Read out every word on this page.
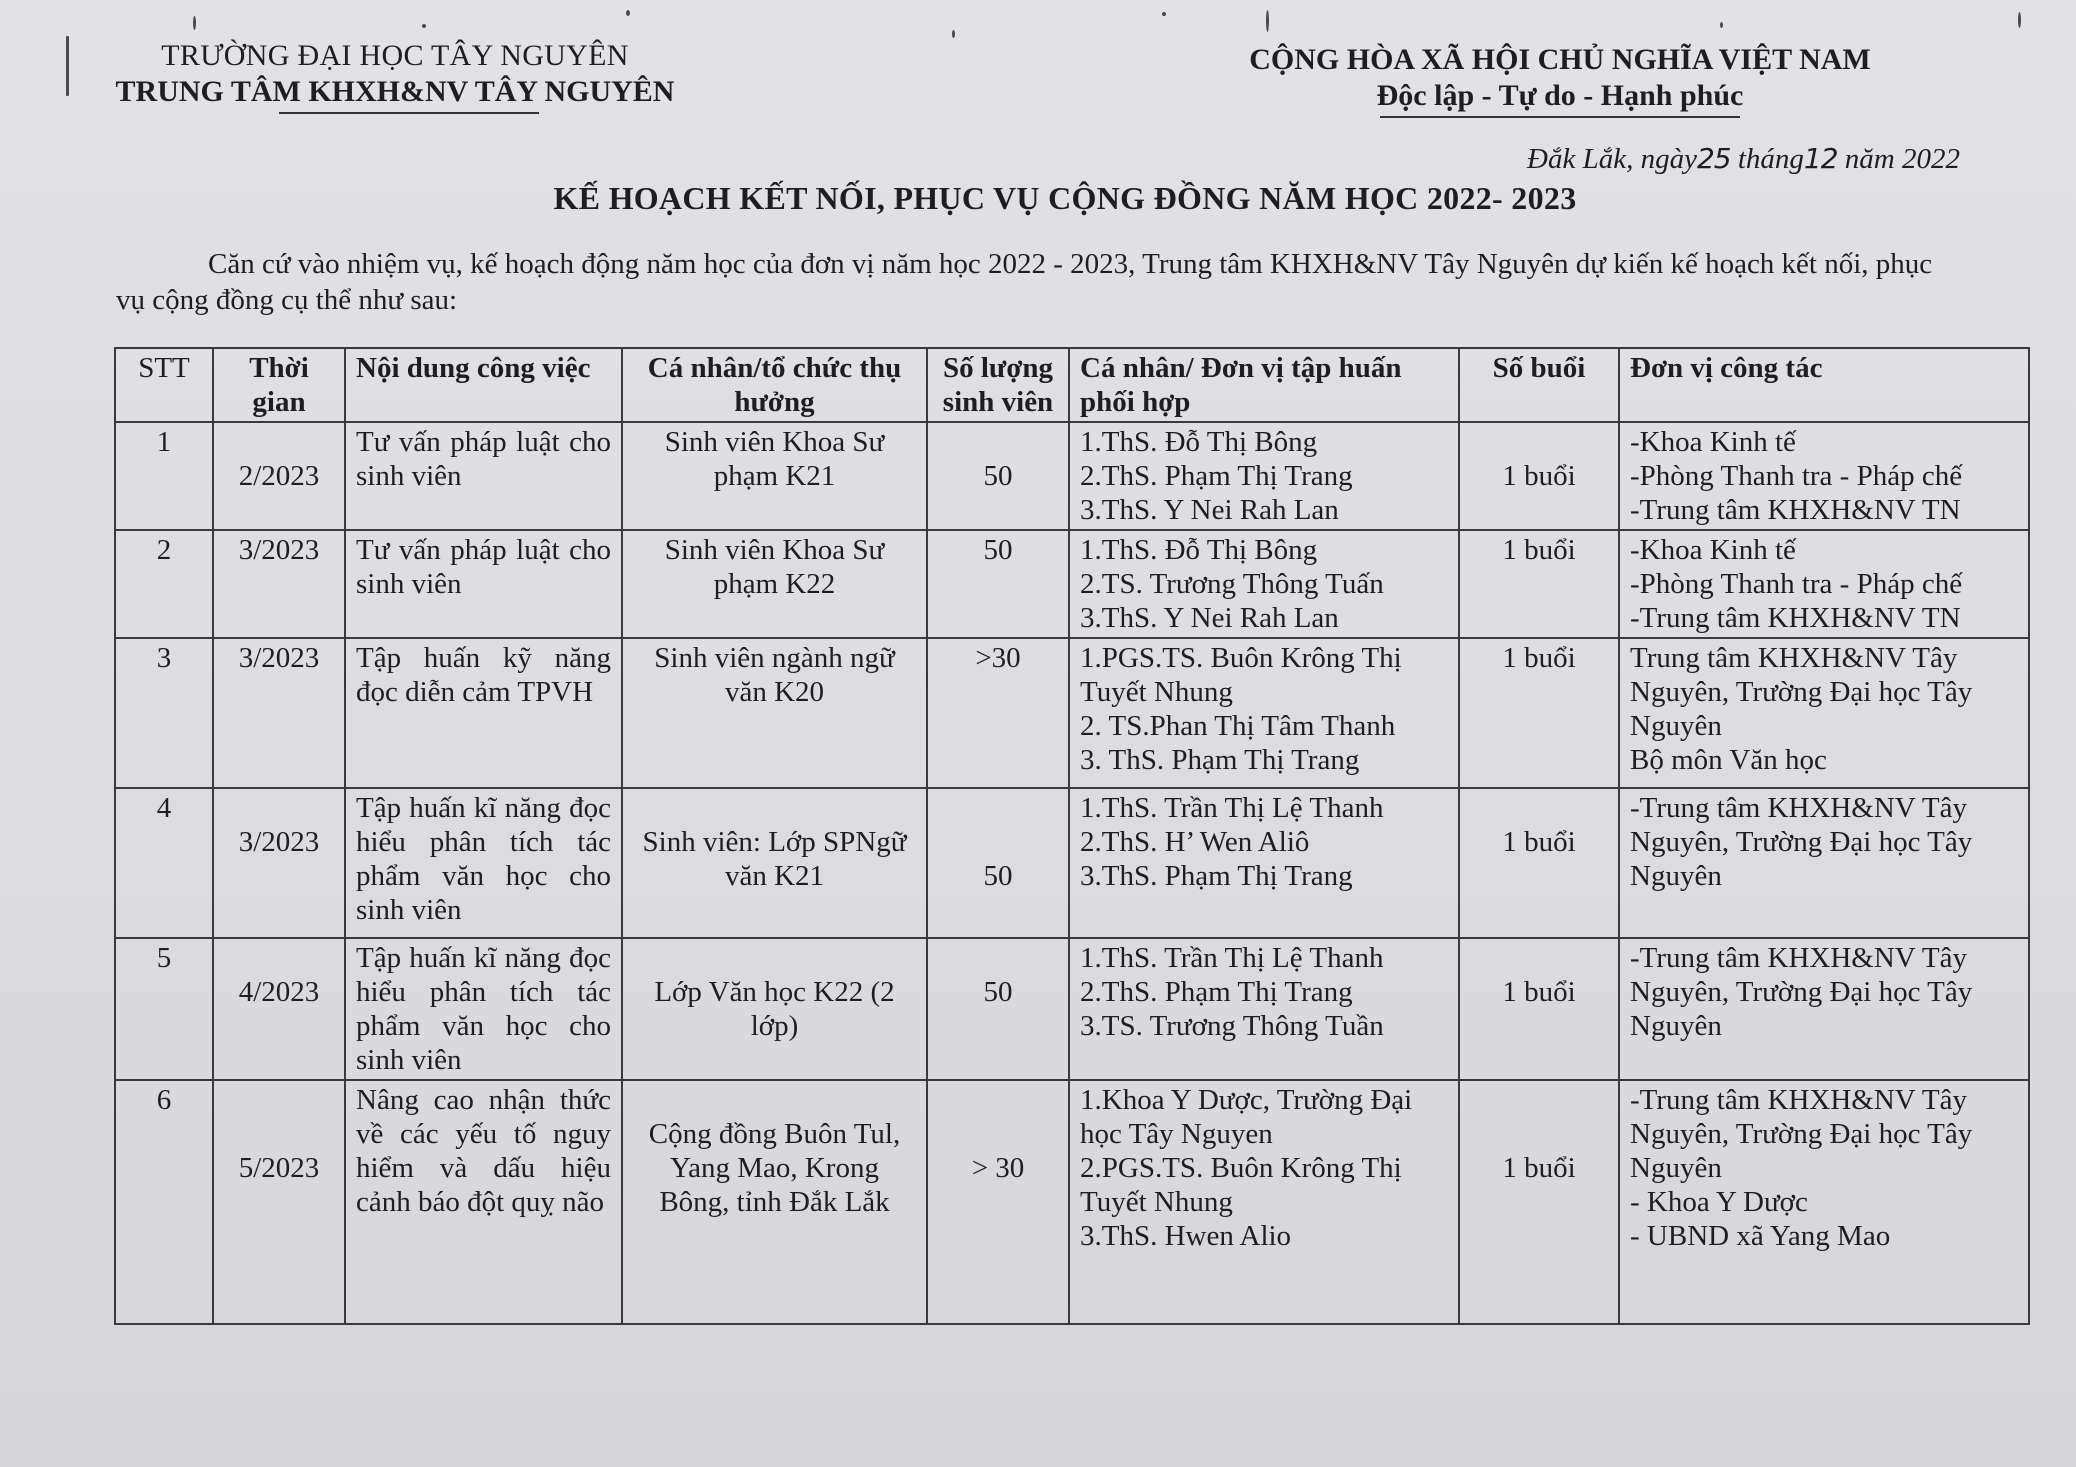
TRƯỜNG ĐẠI HỌC TÂY NGUYÊN
TRUNG TÂM KHXH&NV TÂY NGUYÊN
CỘNG HÒA XÃ HỘI CHỦ NGHĨA VIỆT NAM
Độc lập - Tự do - Hạnh phúc
Đắk Lắk, ngày25 tháng12 năm 2022
KẾ HOẠCH KẾT NỐI, PHỤC VỤ CỘNG ĐỒNG NĂM HỌC 2022- 2023
Căn cứ vào nhiệm vụ, kế hoạch động năm học của đơn vị năm học 2022 - 2023, Trung tâm KHXH&NV Tây Nguyên dự kiến kế hoạch kết nối, phục vụ cộng đồng cụ thể như sau:
STT	Thời gian	Nội dung công việc	Cá nhân/tổ chức thụ hưởng	Số lượng sinh viên	Cá nhân/ Đơn vị tập huấn phối hợp	Số buổi	Đơn vị công tác
1	2/2023	Tư vấn pháp luật cho sinh viên	Sinh viên Khoa Sư phạm K21	50	1.ThS. Đỗ Thị Bông
2.ThS. Phạm Thị Trang
3.ThS. Y Nei Rah Lan	1 buổi	-Khoa Kinh tế
-Phòng Thanh tra - Pháp chế
-Trung tâm KHXH&NV TN

2	3/2023	Tư vấn pháp luật cho sinh viên	Sinh viên Khoa Sư phạm K22	50	1.ThS. Đỗ Thị Bông
2.TS. Trương Thông Tuấn
3.ThS. Y Nei Rah Lan	1 buổi	-Khoa Kinh tế
-Phòng Thanh tra - Pháp chế
-Trung tâm KHXH&NV TN

3	3/2023	Tập huấn kỹ năng đọc diễn cảm TPVH	Sinh viên ngành ngữ văn K20	>30	1.PGS.TS. Buôn Krông Thị Tuyết Nhung
2. TS.Phan Thị Tâm Thanh
3. ThS. Phạm Thị Trang	1 buổi	Trung tâm KHXH&NV Tây Nguyên, Trường Đại học Tây Nguyên
Bộ môn Văn học

4	3/2023	Tập huấn kĩ năng đọc hiểu phân tích tác phẩm văn học cho sinh viên	Sinh viên: Lớp SPNgữ văn K21	50	1.ThS. Trần Thị Lệ Thanh
2.ThS. H’ Wen Aliô
3.ThS. Phạm Thị Trang	1 buổi	-Trung tâm KHXH&NV Tây Nguyên, Trường Đại học Tây Nguyên

5	4/2023	Tập huấn kĩ năng đọc hiểu phân tích tác phẩm văn học cho sinh viên	Lớp Văn học K22 (2 lớp)	50	1.ThS. Trần Thị Lệ Thanh
2.ThS. Phạm Thị Trang
3.TS. Trương Thông Tuần	1 buổi	-Trung tâm KHXH&NV Tây Nguyên, Trường Đại học Tây Nguyên

6	5/2023	Nâng cao nhận thức về các yếu tố nguy hiểm và dấu hiệu cảnh báo đột quỵ não	Cộng đồng Buôn Tul, Yang Mao, Krong Bông, tỉnh Đắk Lắk	> 30	1.Khoa Y Dược, Trường Đại học Tây Nguyen
2.PGS.TS. Buôn Krông Thị Tuyết Nhung
3.ThS. Hwen Alio	1 buổi	-Trung tâm KHXH&NV Tây Nguyên, Trường Đại học Tây Nguyên
- Khoa Y Dược
- UBND xã Yang Mao
